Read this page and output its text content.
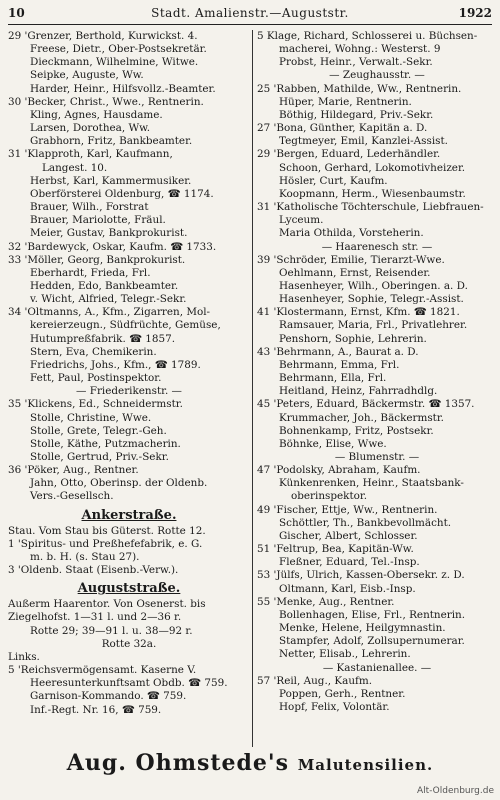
10	Stadt. Amalienstr.—Auguststr.	1922
29 'Grenzer, Berthold, Kurwickst. 4.
Freese, Dietr., Ober-Postsekretär.
Dieckmann, Wilhelmine, Witwe.
Seipke, Auguste, Ww.
Harder, Heinr., Hilfsvollz.-Beamter.
30 'Becker, Christ., Wwe., Rentnerin.
Kling, Agnes, Hausdame.
Larsen, Dorothea, Ww.
Grabhorn, Fritz, Bankbeamter.
31 'Klapproth, Karl, Kaufmann,
Langest. 10.
Herbst, Karl, Kammermusiker.
Oberförsterei Oldenburg, ☎ 1174.
Brauer, Wilh., Forstrat
Brauer, Mariolotte, Fräul.
Meier, Gustav, Bankprokurist.
32 'Bardewyck, Oskar, Kaufm. ☎ 1733.
33 'Möller, Georg, Bankprokurist.
Eberhardt, Frieda, Frl.
Hedden, Edo, Bankbeamter.
v. Wicht, Alfried, Telegr.-Sekr.
34 'Oltmanns, A., Kfm., Zigarren, Mol-
kereierzeugn., Südfrüchte, Gemüse,
Hutumpreßfabrik. ☎ 1857.
Stern, Eva, Chemikerin.
Friedrichs, Johs., Kfm., ☎ 1789.
Fett, Paul, Postinspektor.
— Friederikenstr. —
35 'Klickens, Ed., Schneidermstr.
Stolle, Christine, Wwe.
Stolle, Grete, Telegr.-Geh.
Stolle, Käthe, Putzmacherin.
Stolle, Gertrud, Priv.-Sekr.
36 'Pöker, Aug., Rentner.
Jahn, Otto, Oberinsp. der Oldenb.
Vers.-Gesellsch.
Ankerstraße.
Stau. Vom Stau bis Güterst. Rotte 12.
1 'Spiritus- und Preßhefefabrik, e. G.
m. b. H. (s. Stau 27).
3 'Oldenb. Staat (Eisenb.-Verw.).
Auguststraße.
Außerm Haarentor. Von Osenerst. bis
Ziegelhofst. 1—31 l. und 2—36 r.
Rotte 29; 39—91 l. u. 38—92 r.
Rotte 32a.
Links.
5 'Reichsvermögensamt. Kaserne V.
Heeresunterkunftsamt Obdb. ☎ 759.
Garnison-Kommando. ☎ 759.
Inf.-Regt. Nr. 16, ☎ 759.
5 Klage, Richard, Schlosserei u. Büchsen-
macherei, Wohng.: Westerst. 9
Probst, Heinr., Verwalt.-Sekr.
— Zeughausstr. —
25 'Rabben, Mathilde, Ww., Rentnerin.
Hüper, Marie, Rentnerin.
Böthig, Hildegard, Priv.-Sekr.
27 'Bona, Günther, Kapitän a. D.
Tegtmeyer, Emil, Kanzlei-Assist.
29 'Bergen, Eduard, Lederhändler.
Schoon, Gerhard, Lokomotivheizer.
Hösler, Curt, Kaufm.
Koopmann, Herm., Wiesenbaumstr.
31 'Katholische Töchterschule, Liebfrauen-
Lyceum.
Maria Othilda, Vorsteherin.
— Haarenesch str. —
39 'Schröder, Emilie, Tierarzt-Wwe.
Oehlmann, Ernst, Reisender.
Hasenheyer, Wilh., Oberingen. a. D.
Hasenheyer, Sophie, Telegr.-Assist.
41 'Klostermann, Ernst, Kfm. ☎ 1821.
Ramsauer, Maria, Frl., Privatlehrer.
Penshorn, Sophie, Lehrerin.
43 'Behrmann, A., Baurat a. D.
Behrmann, Emma, Frl.
Behrmann, Ella, Frl.
Heitland, Heinz, Fahrradhdlg.
45 'Peters, Eduard, Bäckermstr. ☎ 1357.
Krummacher, Joh., Bäckermstr.
Bohnenkamp, Fritz, Postsekr.
Böhnke, Elise, Wwe.
— Blumenstr. —
47 'Podolsky, Abraham, Kaufm.
Künkenrenken, Heinr., Staatsbank-
oberinspektor.
49 'Fischer, Ettje, Ww., Rentnerin.
Schöttler, Th., Bankbevollmächt.
Gischer, Albert, Schlosser.
51 'Feltrup, Bea, Kapitän-Ww.
Fleßner, Eduard, Tel.-Insp.
53 'Jülfs, Ulrich, Kassen-Obersekr. z. D.
Oltmann, Karl, Eisb.-Insp.
55 'Menke, Aug., Rentner.
Bollenhagen, Elise, Frl., Rentnerin.
Menke, Helene, Heilgymnastin.
Stampfer, Adolf, Zollsupernumerar.
Netter, Elisab., Lehrerin.
— Kastanienallee. —
57 'Reil, Aug., Kaufm.
Poppen, Gerh., Rentner.
Hopf, Felix, Volontär.
Aug. Ohmstede's Malutensilien.
Alt-Oldenburg.de
